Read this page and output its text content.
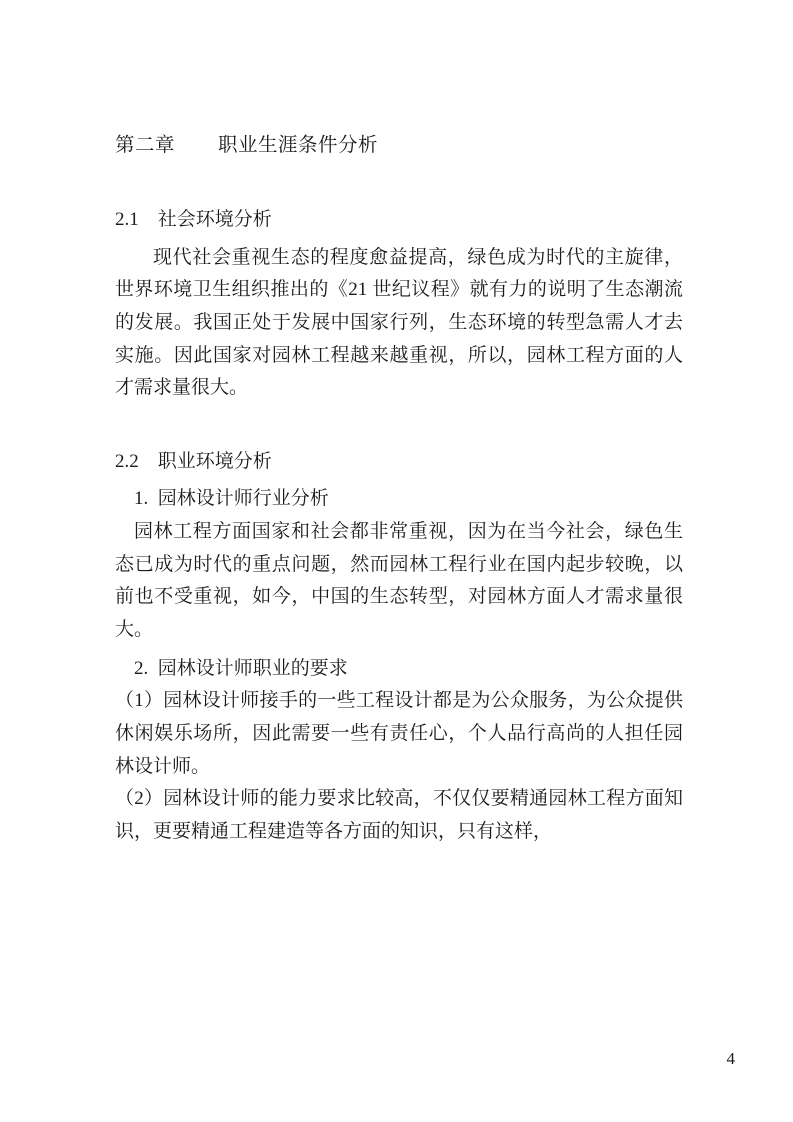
第二章        职业生涯条件分析
2.1    社会环境分析

现代社会重视生态的程度愈益提高，绿色成为时代的主旋律，世界环境卫生组织推出的《21 世纪议程》就有力的说明了生态潮流的发展。我国正处于发展中国家行列，生态环境的转型急需人才去实施。因此国家对园林工程越来越重视，所以，园林工程方面的人才需求量很大。

2.2    职业环境分析
1.  园林设计师行业分析

园林工程方面国家和社会都非常重视，因为在当今社会，绿色生态已成为时代的重点问题，然而园林工程行业在国内起步较晚，以前也不受重视，如今，中国的生态转型，对园林方面人才需求量很大。

2.  园林设计师职业的要求

（1）园林设计师接手的一些工程设计都是为公众服务，为公众提供休闲娱乐场所，因此需要一些有责任心，个人品行高尚的人担任园林设计师。

（2）园林设计师的能力要求比较高，不仅仅要精通园林工程方面知识，更要精通工程建造等各方面的知识，只有这样，

4
